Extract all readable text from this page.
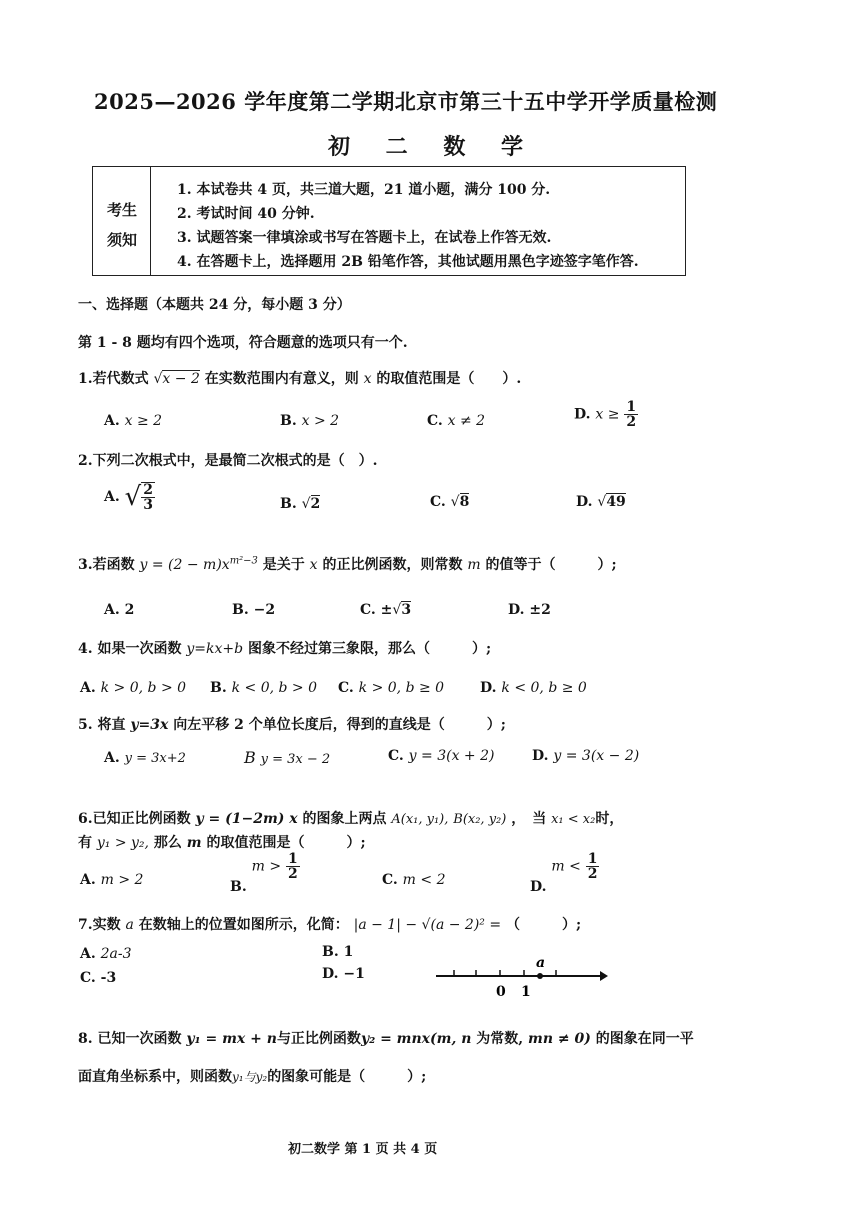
2025—2026 学年度第二学期北京市第三十五中学开学质量检测
初 二 数 学
考生
须知
1. 本试卷共 4 页，共三道大题，21 道小题，满分 100 分.
2. 考试时间 40 分钟.
3. 试题答案一律填涂或书写在答题卡上，在试卷上作答无效.
4. 在答题卡上，选择题用 2B 铅笔作答，其他试题用黑色字迹签字笔作答.
一、选择题（本题共 24 分，每小题 3 分）
第 1 - 8 题均有四个选项，符合题意的选项只有一个.
1.若代数式 √x − 2 在实数范围内有意义，则 x 的取值范围是（　　）.
A. x ≥ 2	B. x > 2	C. x ≠ 2	D. $x \ge \frac{1}{2}$
2.下列二次根式中，是最简二次根式的是（　）.
A. √ $\frac{2}{3}$	B. √2	C. √8	D. √49
3.若函数 $y = (2 - m)x^{m^2-3}$ 是关于 x 的正比例函数，则常数 m 的值等于（　　　）;
A. 2	B. −2	C. ±√3	D. ±2
4. 如果一次函数 y=kx+b 图象不经过第三象限，那么（　　　）;
A. k > 0, b > 0 B. k < 0, b > 0 C. k > 0, b ≥ 0	D. k < 0, b ≥ 0
5. 将直 y=3x 向左平移 2 个单位长度后，得到的直线是（　　　）;
A. y = 3x+2	B y = 3x − 2	C. y = 3(x + 2)	D. y = 3(x − 2)
6.已知正比例函数 y = (1−2m) x 的图象上两点 A(x₁, y₁), B(x₂, y₂) ，　当 x₁ < x₂时，
有 y₁ > y₂, 那么 m 的取值范围是（　　　）;
A. m > 2	B. $m > \frac{1}{2}$	C. m < 2	D. $m < \frac{1}{2}$
7.实数 a 在数轴上的位置如图所示，化简： |a − 1| − √(a − 2)² = （　　　）;
A. 2a-3	B. 1
C. -3	D. −1
a
0 1
8. 已知一次函数 y₁ = mx + n与正比例函数y₂ = mnx(m, n 为常数, mn ≠ 0) 的图象在同一平
面直角坐标系中，则函数y₁与y₂的图象可能是（　　　）;
初二数学 第 1 页 共 4 页
